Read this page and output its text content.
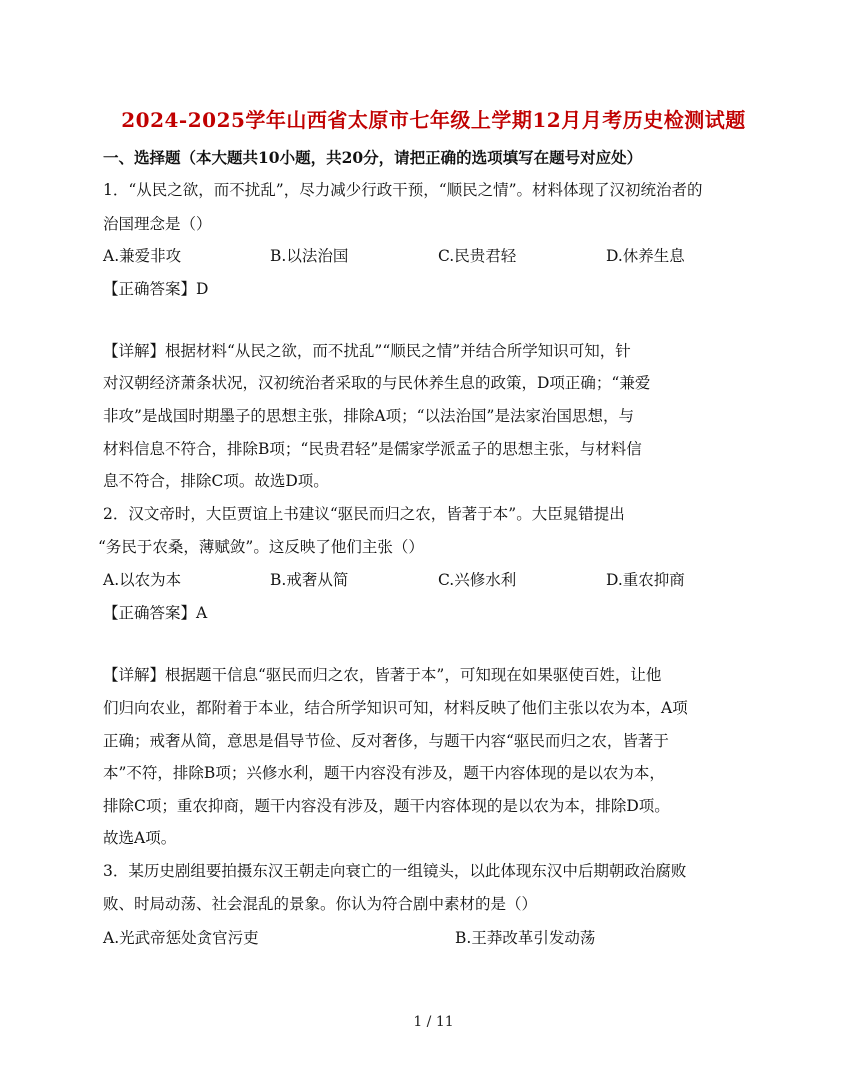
2024-2025学年山西省太原市七年级上学期12月月考历史检测试题
一、选择题（本大题共10小题，共20分，请把正确的选项填写在题号对应处）
1．“从民之欲，而不扰乱”，尽力减少行政干预，“顺民之情”。材料体现了汉初统治者的
治国理念是（）
A.兼爱非攻	B.以法治国	C.民贵君轻	D.休养生息
【正确答案】D
【详解】根据材料“从民之欲，而不扰乱”“顺民之情”并结合所学知识可知，针
对汉朝经济萧条状况，汉初统治者采取的与民休养生息的政策，D项正确；“兼爱
非攻”是战国时期墨子的思想主张，排除A项；“以法治国”是法家治国思想，与
材料信息不符合，排除B项；“民贵君轻”是儒家学派孟子的思想主张，与材料信
息不符合，排除C项。故选D项。
2．汉文帝时，大臣贾谊上书建议“驱民而归之农，皆著于本”。大臣晁错提出
“务民于农桑，薄赋敛”。这反映了他们主张（）
A.以农为本	B.戒奢从简	C.兴修水利	D.重农抑商
【正确答案】A
【详解】根据题干信息“驱民而归之农，皆著于本”，可知现在如果驱使百姓，让他
们归向农业，都附着于本业，结合所学知识可知，材料反映了他们主张以农为本，A项
正确；戒奢从简，意思是倡导节俭、反对奢侈，与题干内容“驱民而归之农，皆著于
本”不符，排除B项；兴修水利，题干内容没有涉及，题干内容体现的是以农为本，
排除C项；重农抑商，题干内容没有涉及，题干内容体现的是以农为本，排除D项。
故选A项。
3．某历史剧组要拍摄东汉王朝走向衰亡的一组镜头，以此体现东汉中后期朝政治腐败
败、时局动荡、社会混乱的景象。你认为符合剧中素材的是（）
A.光武帝惩处贪官污吏	B.王莽改革引发动荡
1 / 11
